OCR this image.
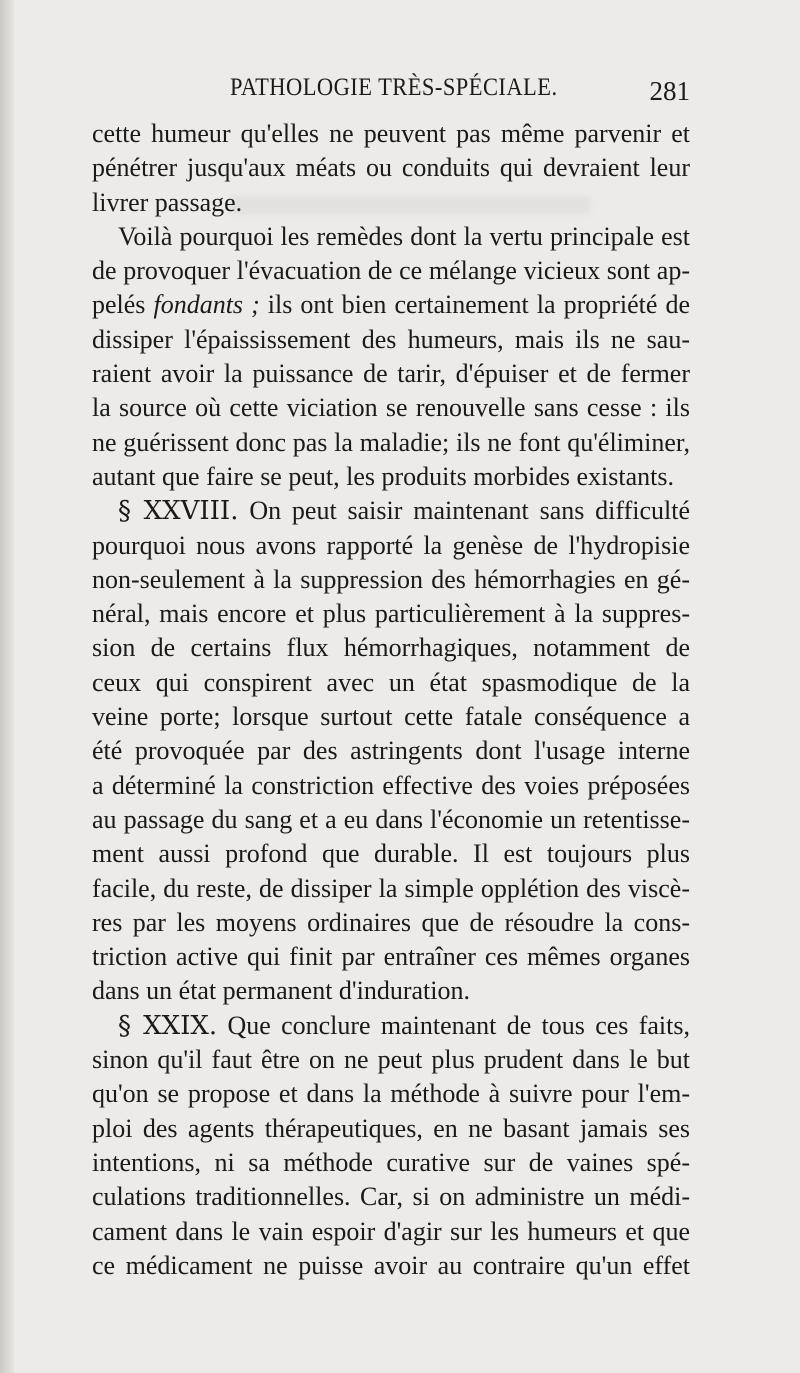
PATHOLOGIE TRÈS-SPÉCIALE.	281
cette humeur qu'elles ne peuvent pas même parvenir et
pénétrer jusqu'aux méats ou conduits qui devraient leur
livrer passage.
Voilà pourquoi les remèdes dont la vertu principale est
de provoquer l'évacuation de ce mélange vicieux sont ap-
pelés fondants ; ils ont bien certainement la propriété de
dissiper l'épaississement des humeurs, mais ils ne sau-
raient avoir la puissance de tarir, d'épuiser et de fermer
la source où cette viciation se renouvelle sans cesse : ils
ne guérissent donc pas la maladie; ils ne font qu'éliminer,
autant que faire se peut, les produits morbides existants.
§ XXVIII. On peut saisir maintenant sans difficulté
pourquoi nous avons rapporté la genèse de l'hydropisie
non-seulement à la suppression des hémorrhagies en gé-
néral, mais encore et plus particulièrement à la suppres-
sion de certains flux hémorrhagiques, notamment de
ceux qui conspirent avec un état spasmodique de la
veine porte; lorsque surtout cette fatale conséquence a
été provoquée par des astringents dont l'usage interne
a déterminé la constriction effective des voies préposées
au passage du sang et a eu dans l'économie un retentisse-
ment aussi profond que durable. Il est toujours plus
facile, du reste, de dissiper la simple opplétion des viscè-
res par les moyens ordinaires que de résoudre la cons-
triction active qui finit par entraîner ces mêmes organes
dans un état permanent d'induration.
§ XXIX. Que conclure maintenant de tous ces faits,
sinon qu'il faut être on ne peut plus prudent dans le but
qu'on se propose et dans la méthode à suivre pour l'em-
ploi des agents thérapeutiques, en ne basant jamais ses
intentions, ni sa méthode curative sur de vaines spé-
culations traditionnelles. Car, si on administre un médi-
cament dans le vain espoir d'agir sur les humeurs et que
ce médicament ne puisse avoir au contraire qu'un effet
